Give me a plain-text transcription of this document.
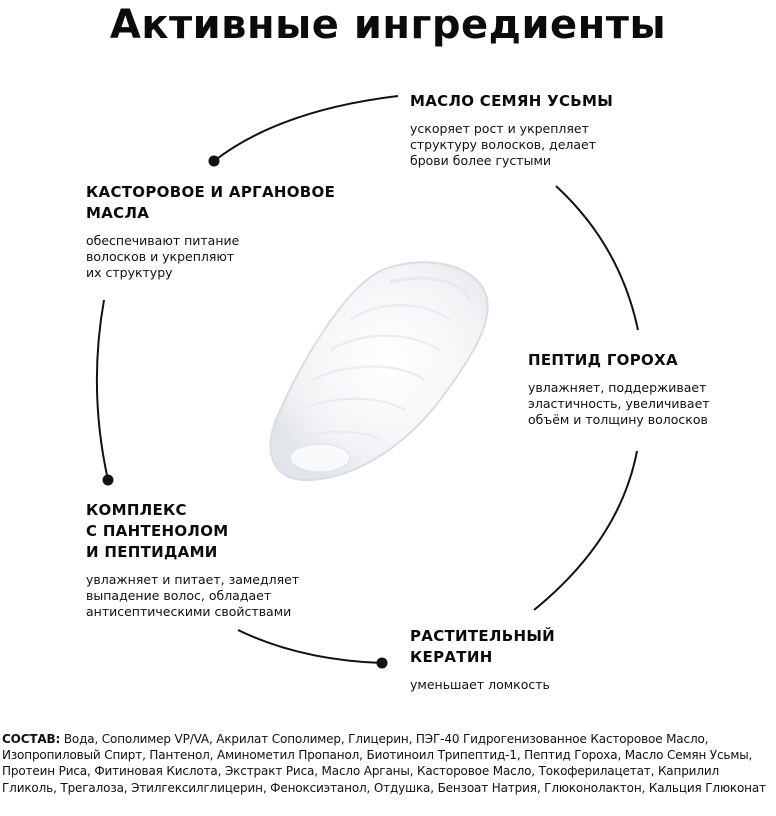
Активные ингредиенты
МАСЛО СЕМЯН УСЬМЫ
ускоряет рост и укрепляет
структуру волосков, делает
брови более густыми
КАСТОРОВОЕ И АРГАНОВОЕ
МАСЛА
обеспечивают питание
волосков и укрепляют
их структуру
ПЕПТИД ГОРОХА
увлажняет, поддерживает
эластичность, увеличивает
объём и толщину волосков
КОМПЛЕКС
С ПАНТЕНОЛОМ
И ПЕПТИДАМИ
увлажняет и питает, замедляет
выпадение волос, обладает
антисептическими свойствами
РАСТИТЕЛЬНЫЙ
КЕРАТИН
уменьшает ломкость
СОСТАВ: Вода, Сополимер VP/VA, Акрилат Сополимер, Глицерин, ПЭГ-40 Гидрогенизованное Касторовое Масло, Изопропиловый Спирт, Пантенол, Аминометил Пропанол, Биотиноил Трипептид-1, Пептид Гороха, Масло Семян Усьмы, Протеин Риса, Фитиновая Кислота, Экстракт Риса, Масло Арганы, Касторовое Масло, Токоферилацетат, Каприлил Гликоль, Трегалоза, Этилгексилглицерин, Феноксиэтанол, Отдушка, Бензоат Натрия, Глюконолактон, Кальция Глюконат
